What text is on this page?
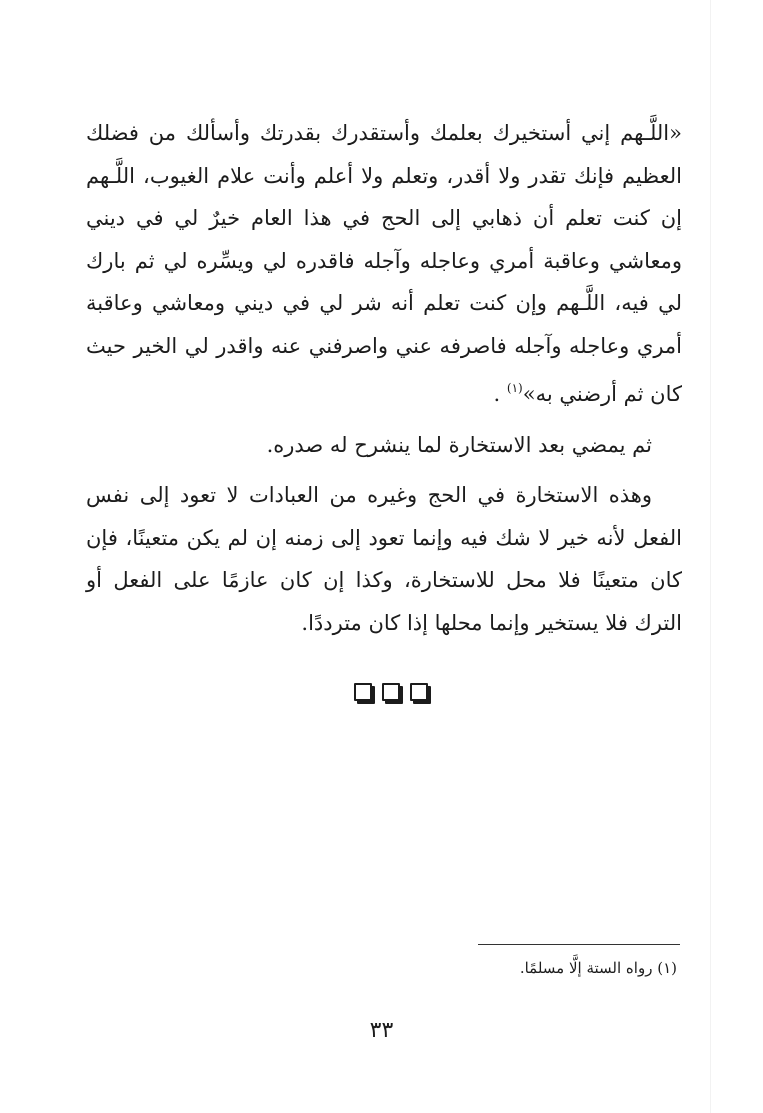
«اللَّـهم إني أستخيرك بعلمك وأستقدرك بقدرتك وأسألك من فضلك العظيم فإنك تقدر ولا أقدر، وتعلم ولا أعلم وأنت علام الغيوب، اللَّـهم إن كنت تعلم أن ذهابي إلى الحج في هذا العام خيرٌ لي في ديني ومعاشي وعاقبة أمري وعاجله وآجله فاقدره لي ويسِّره لي ثم بارك لي فيه، اللَّـهم وإن كنت تعلم أنه شر لي في ديني ومعاشي وعاقبة أمري وعاجله وآجله فاصرفه عني واصرفني عنه واقدر لي الخير حيث كان ثم أرضني به»$^{(١)}$ .

ثم يمضي بعد الاستخارة لما ينشرح له صدره.

وهذه الاستخارة في الحج وغيره من العبادات لا تعود إلى نفس الفعل لأنه خير لا شك فيه وإنما تعود إلى زمنه إن لم يكن متعينًا، فإن كان متعينًا فلا محل للاستخارة، وكذا إن كان عازمًا على الفعل أو الترك فلا يستخير وإنما محلها إذا كان مترددًا.

(١) رواه الستة إلَّا مسلمًا.
٣٣
